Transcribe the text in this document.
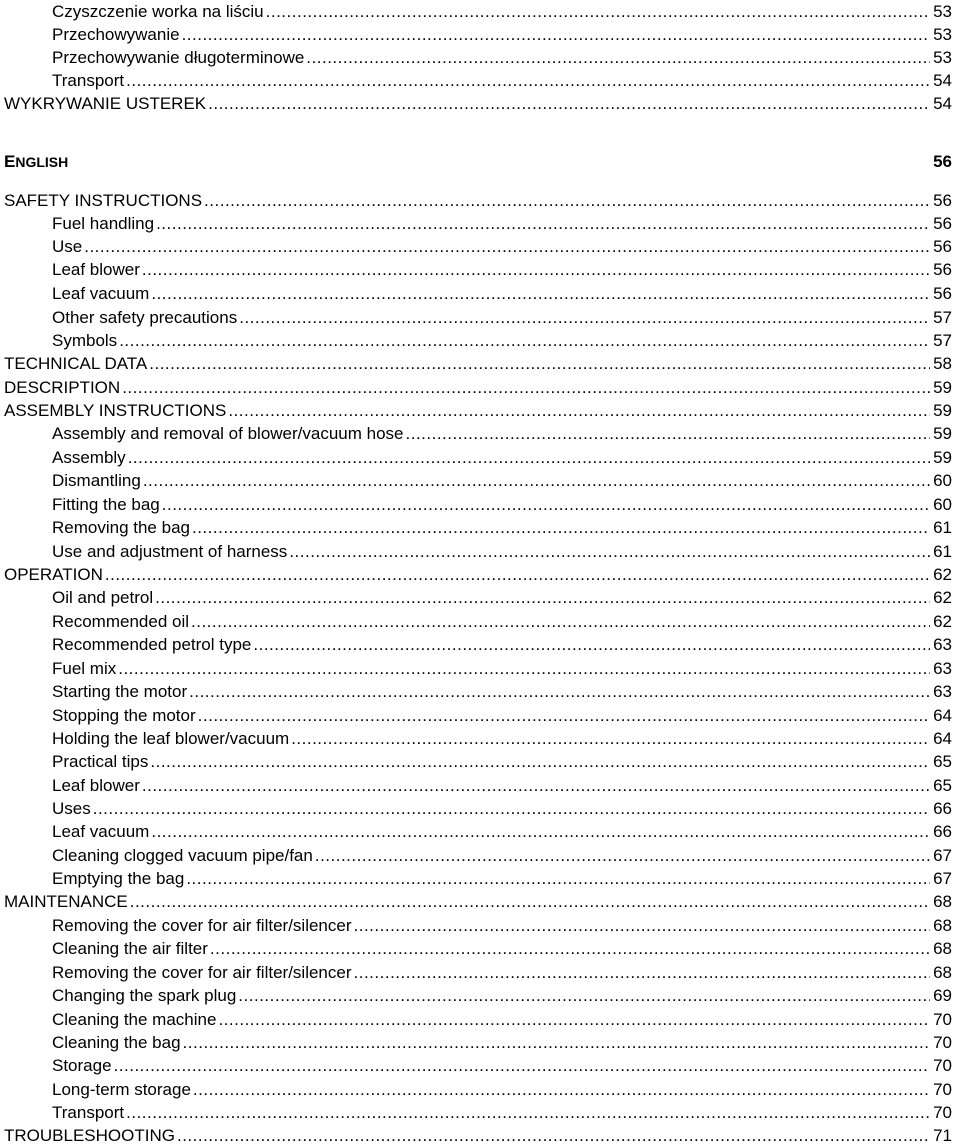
Czyszczenie worka na liściu .....	53
Przechowywanie .....	53
Przechowywanie długoterminowe .....	53
Transport .....	54
WYKRYWANIE USTEREK .....	54
ENGLISH	56
SAFETY INSTRUCTIONS .....	56
Fuel handling .....	56
Use .....	56
Leaf blower .....	56
Leaf vacuum .....	56
Other safety precautions .....	57
Symbols .....	57
TECHNICAL DATA .....	58
DESCRIPTION .....	59
ASSEMBLY INSTRUCTIONS .....	59
Assembly and removal of blower/vacuum hose .....	59
Assembly .....	59
Dismantling .....	60
Fitting the bag .....	60
Removing the bag .....	61
Use and adjustment of harness .....	61
OPERATION .....	62
Oil and petrol .....	62
Recommended oil .....	62
Recommended petrol type .....	63
Fuel mix .....	63
Starting the motor .....	63
Stopping the motor .....	64
Holding the leaf blower/vacuum .....	64
Practical tips .....	65
Leaf blower .....	65
Uses .....	66
Leaf vacuum .....	66
Cleaning clogged vacuum pipe/fan .....	67
Emptying the bag .....	67
MAINTENANCE .....	68
Removing the cover for air filter/silencer .....	68
Cleaning the air filter .....	68
Removing the cover for air filter/silencer .....	68
Changing the spark plug .....	69
Cleaning the machine .....	70
Cleaning the bag .....	70
Storage .....	70
Long-term storage .....	70
Transport .....	70
TROUBLESHOOTING .....	71
